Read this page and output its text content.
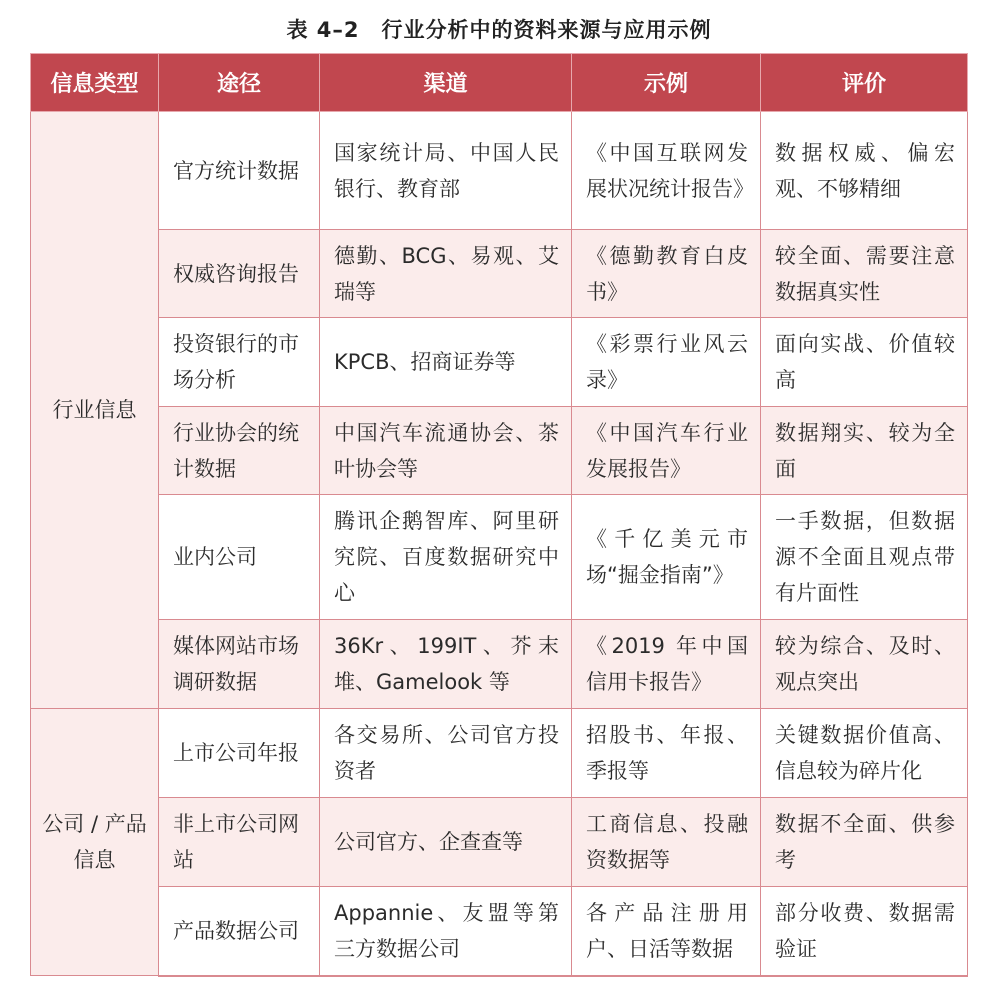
表 4–2　行业分析中的资料来源与应用示例
信息类型	途径	渠道	示例	评价
行业信息	官方统计数据	国家统计局、中国人民银行、教育部	《中国互联网发展状况统计报告》	数据权威、偏宏观、不够精细
	权威咨询报告	德勤、BCG、易观、艾瑞等	《德勤教育白皮书》	较全面、需要注意数据真实性
	投资银行的市场分析	KPCB、招商证券等	《彩票行业风云录》	面向实战、价值较高
	行业协会的统计数据	中国汽车流通协会、茶叶协会等	《中国汽车行业发展报告》	数据翔实、较为全面
	业内公司	腾讯企鹅智库、阿里研究院、百度数据研究中心	《千亿美元市场“掘金指南”》	一手数据，但数据源不全面且观点带有片面性
	媒体网站市场调研数据	36Kr、199IT、芥末堆、Gamelook 等	《2019 年中国信用卡报告》	较为综合、及时、观点突出
公司 / 产品信息	上市公司年报	各交易所、公司官方投资者	招股书、年报、季报等	关键数据价值高、信息较为碎片化
	非上市公司网站	公司官方、企查查等	工商信息、投融资数据等	数据不全面、供参考
	产品数据公司	Appannie、友盟等第三方数据公司	各产品注册用户、日活等数据	部分收费、数据需验证
